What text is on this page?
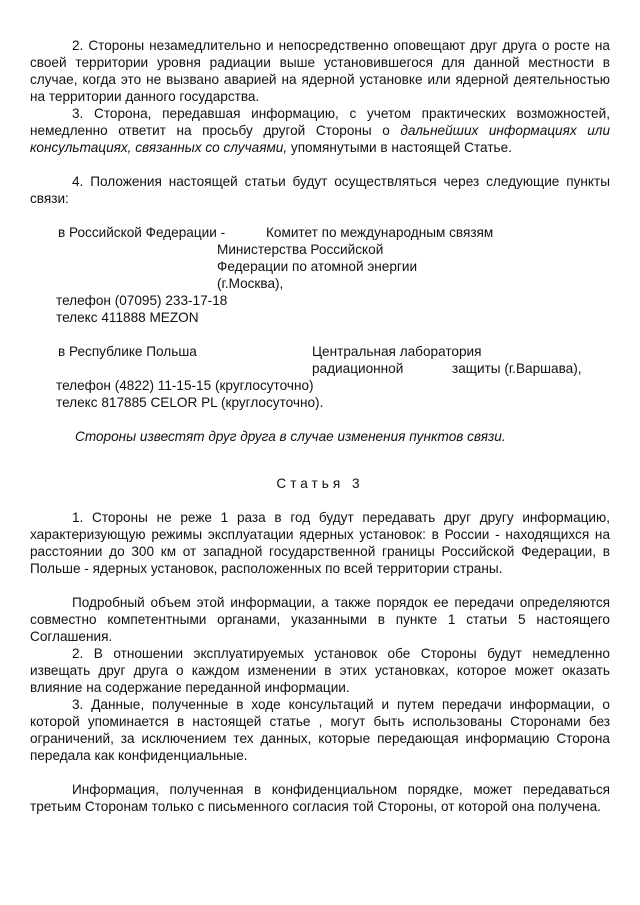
2. Стороны незамедлительно и непосредственно оповещают друг друга о росте на своей территории уровня радиации выше установившегося для данной местности в случае, когда это не вызвано аварией на ядерной установке или ядерной деятельностью на территории данного государства.
3. Сторона, передавшая информацию, с учетом практических возможностей, немедленно ответит на просьбу другой Стороны о дальнейших информациях или консультациях, связанных со случаями, упомянутыми в настоящей Статье.
4. Положения настоящей статьи будут осуществляться через следующие пункты связи:
в Российской Федерации -	Комитет по международным связям
Министерства Российской
Федерации по атомной энергии
(г.Москва),
телефон (07095) 233-17-18
телекс 411888 MEZON
в Республике Польша	Центральная лаборатория
радиационной	защиты (г.Варшава),
телефон (4822) 11-15-15 (круглосуточно)
телекс 817885 CELOR PL (круглосуточно).
Стороны известят друг друга в случае изменения пунктов связи.
Статья 3
1. Стороны не реже 1 раза в год будут передавать друг другу информацию, характеризующую режимы эксплуатации ядерных установок: в России - находящихся на расстоянии до 300 км от западной государственной границы Российской Федерации, в Польше - ядерных установок, расположенных по всей территории страны.
Подробный объем этой информации, а также порядок ее передачи определяются совместно компетентными органами, указанными в пункте 1 статьи 5 настоящего Соглашения.
2. В отношении эксплуатируемых установок обе Стороны будут немедленно извещать друг друга о каждом изменении в этих установках, которое может оказать влияние на содержание переданной информации.
3. Данные, полученные в ходе консультаций и путем передачи информации, о которой упоминается в настоящей статье , могут быть использованы Сторонами без ограничений, за исключением тех данных, которые передающая информацию Сторона передала как конфиденциальные.
Информация, полученная в конфиденциальном порядке, может передаваться третьим Сторонам только с письменного согласия той Стороны, от которой она получена.
